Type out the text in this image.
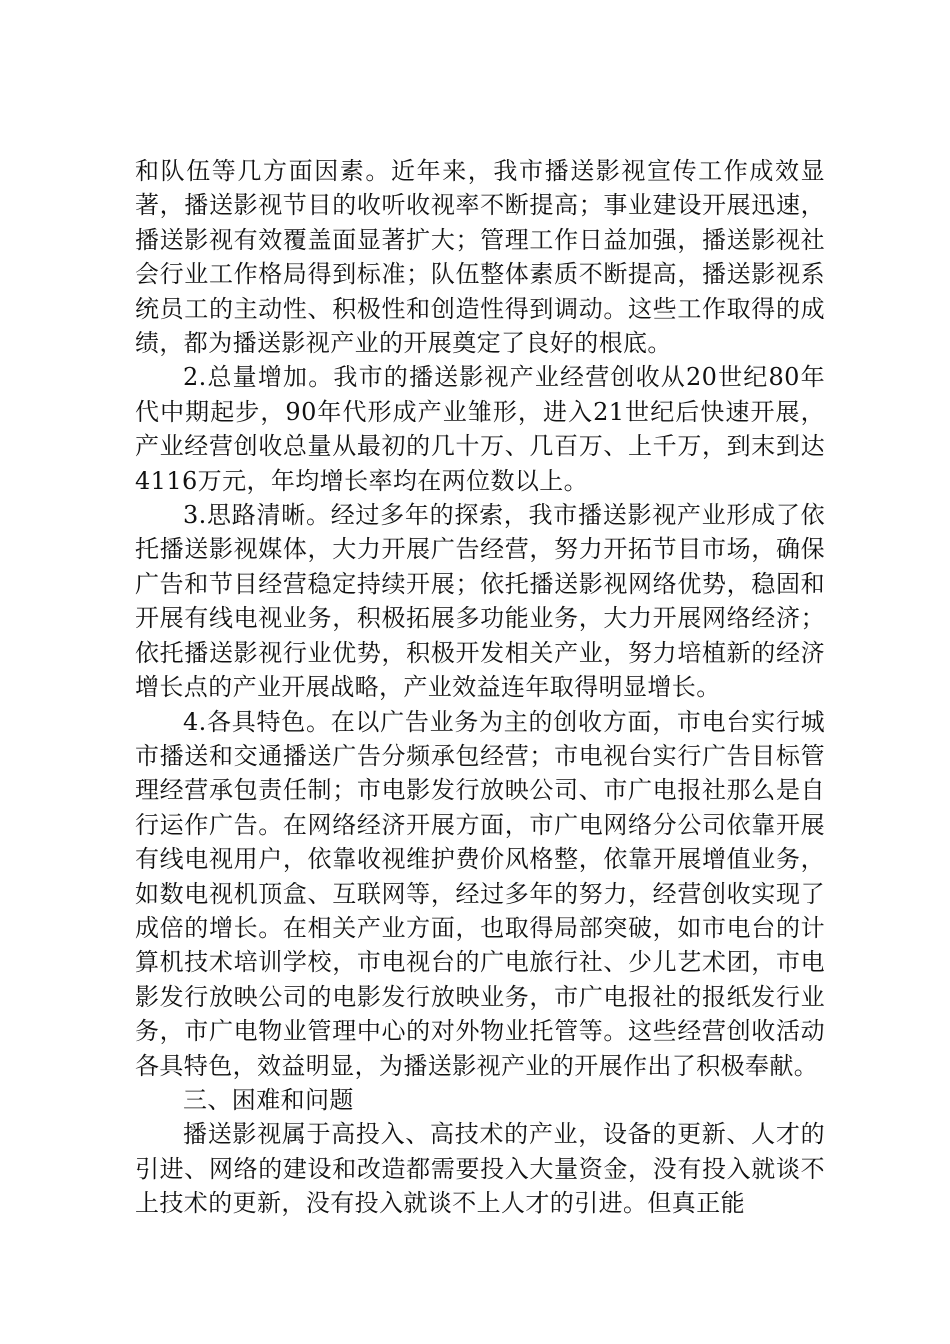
和队伍等几方面因素。近年来，我市播送影视宣传工作成效显著，播送影视节目的收听收视率不断提高；事业建设开展迅速，播送影视有效覆盖面显著扩大；管理工作日益加强，播送影视社会行业工作格局得到标准；队伍整体素质不断提高，播送影视系统员工的主动性、积极性和创造性得到调动。这些工作取得的成绩，都为播送影视产业的开展奠定了良好的根底。

2.总量增加。我市的播送影视产业经营创收从20世纪80年代中期起步，90年代形成产业雏形，进入21世纪后快速开展，产业经营创收总量从最初的几十万、几百万、上千万，到末到达4116万元，年均增长率均在两位数以上。

3.思路清晰。经过多年的探索，我市播送影视产业形成了依托播送影视媒体，大力开展广告经营，努力开拓节目市场，确保广告和节目经营稳定持续开展；依托播送影视网络优势，稳固和开展有线电视业务，积极拓展多功能业务，大力开展网络经济；依托播送影视行业优势，积极开发相关产业，努力培植新的经济增长点的产业开展战略，产业效益连年取得明显增长。

4.各具特色。在以广告业务为主的创收方面，市电台实行城市播送和交通播送广告分频承包经营；市电视台实行广告目标管理经营承包责任制；市电影发行放映公司、市广电报社那么是自行运作广告。在网络经济开展方面，市广电网络分公司依靠开展有线电视用户，依靠收视维护费价风格整，依靠开展增值业务，如数电视机顶盒、互联网等，经过多年的努力，经营创收实现了成倍的增长。在相关产业方面，也取得局部突破，如市电台的计算机技术培训学校，市电视台的广电旅行社、少儿艺术团，市电影发行放映公司的电影发行放映业务，市广电报社的报纸发行业务，市广电物业管理中心的对外物业托管等。这些经营创收活动各具特色，效益明显，为播送影视产业的开展作出了积极奉献。

三、困难和问题

播送影视属于高投入、高技术的产业，设备的更新、人才的引进、网络的建设和改造都需要投入大量资金，没有投入就谈不上技术的更新，没有投入就谈不上人才的引进。但真正能
